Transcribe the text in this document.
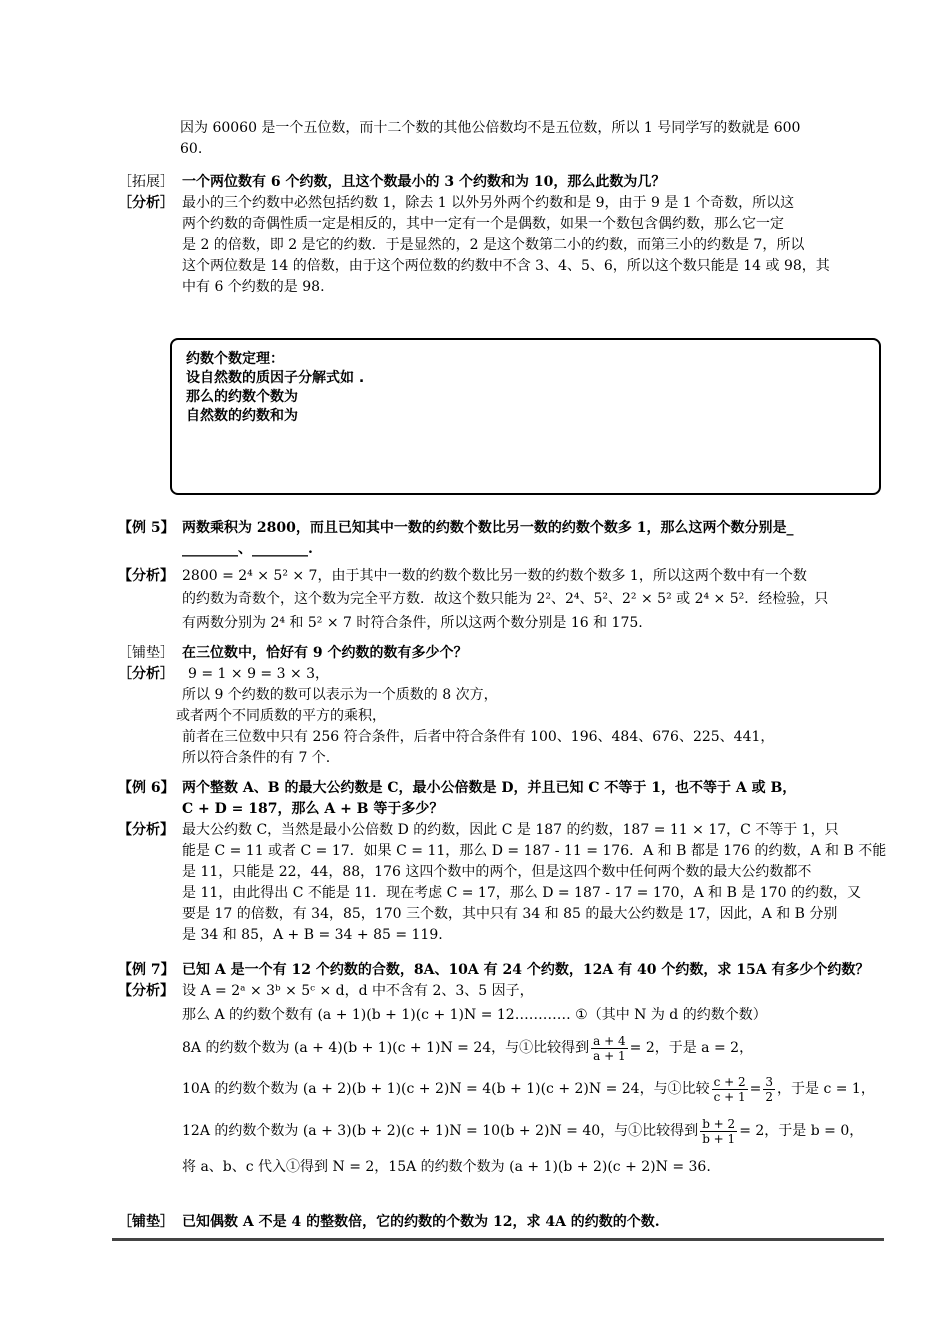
因为 60060 是一个五位数，而十二个数的其他公倍数均不是五位数，所以 1 号同学写的数就是 600
60.
［拓展］ 一个两位数有 6 个约数，且这个数最小的 3 个约数和为 10，那么此数为几？
［分析］ 最小的三个约数中必然包括约数 1，除去 1 以外另外两个约数和是 9，由于 9 是 1 个奇数，所以这
两个约数的奇偶性质一定是相反的，其中一定有一个是偶数，如果一个数包含偶约数，那么它一定
是 2 的倍数，即 2 是它的约数．于是显然的，2 是这个数第二小的约数，而第三小的约数是 7，所以
这个两位数是 14 的倍数，由于这个两位数的约数中不含 3、4、5、6，所以这个数只能是 14 或 98，其
中有 6 个约数的是 98.
约数个数定理：
设自然数的质因子分解式如 .
那么的约数个数为
自然数的约数和为
【例 5】 两数乘积为 2800，而且已知其中一数的约数个数比另一数的约数个数多 1，那么这两个数分别是_
________、________.
【分析】 2800 = 2⁴ × 5² × 7，由于其中一数的约数个数比另一数的约数个数多 1，所以这两个数中有一个数
的约数为奇数个，这个数为完全平方数．故这个数只能为 2²、2⁴、5²、2² × 5² 或 2⁴ × 5²．经检验，只
有两数分别为 2⁴ 和 5² × 7 时符合条件，所以这两个数分别是 16 和 175.
［铺垫］ 在三位数中，恰好有 9 个约数的数有多少个？
［分析］	9 = 1 × 9 = 3 × 3，
所以 9 个约数的数可以表示为一个质数的 8 次方，
或者两个不同质数的平方的乘积，
前者在三位数中只有 256 符合条件，后者中符合条件有 100、196、484、676、225、441，
所以符合条件的有 7 个.
【例 6】 两个整数 A、B 的最大公约数是 C，最小公倍数是 D，并且已知 C 不等于 1，也不等于 A 或 B，
C + D = 187，那么 A + B 等于多少？
【分析】 最大公约数 C，当然是最小公倍数 D 的约数，因此 C 是 187 的约数，187 = 11 × 17，C 不等于 1，只
能是 C = 11 或者 C = 17．如果 C = 11，那么 D = 187 - 11 = 176．A 和 B 都是 176 的约数，A 和 B 不能
是 11，只能是 22，44，88，176 这四个数中的两个，但是这四个数中任何两个数的最大公约数都不
是 11，由此得出 C 不能是 11．现在考虑 C = 17，那么 D = 187 - 17 = 170，A 和 B 是 170 的约数，又
要是 17 的倍数，有 34，85，170 三个数，其中只有 34 和 85 的最大公约数是 17，因此，A 和 B 分别
是 34 和 85，A + B = 34 + 85 = 119.
【例 7】 已知 A 是一个有 12 个约数的合数，8A、10A 有 24 个约数，12A 有 40 个约数，求 15A 有多少个约数？
【分析】 设 A = 2ᵃ × 3ᵇ × 5ᶜ × d，d 中不含有 2、3、5 因子，
那么 A 的约数个数有 (a + 1)(b + 1)(c + 1)N = 12………… ①（其中 N 为 d 的约数个数）
8A 的约数个数为 (a + 4)(b + 1)(c + 1)N = 24，与①比较得到 $\frac{a + 4}{a + 1} = 2$，于是 a = 2，
10A 的约数个数为 (a + 2)(b + 1)(c + 2)N = 4(b + 1)(c + 2)N = 24，与①比较 $\frac{c + 2}{c + 1} = \frac{3}{2}$ ，于是 c = 1，
12A 的约数个数为 (a + 3)(b + 2)(c + 1)N = 10(b + 2)N = 40，与①比较得到 $\frac{b + 2}{b + 1} = 2$，于是 b = 0，
将 a、b、c 代入①得到 N = 2，15A 的约数个数为 (a + 1)(b + 2)(c + 2)N = 36.
［铺垫］ 已知偶数 A 不是 4 的整数倍，它的约数的个数为 12，求 4A 的约数的个数.
